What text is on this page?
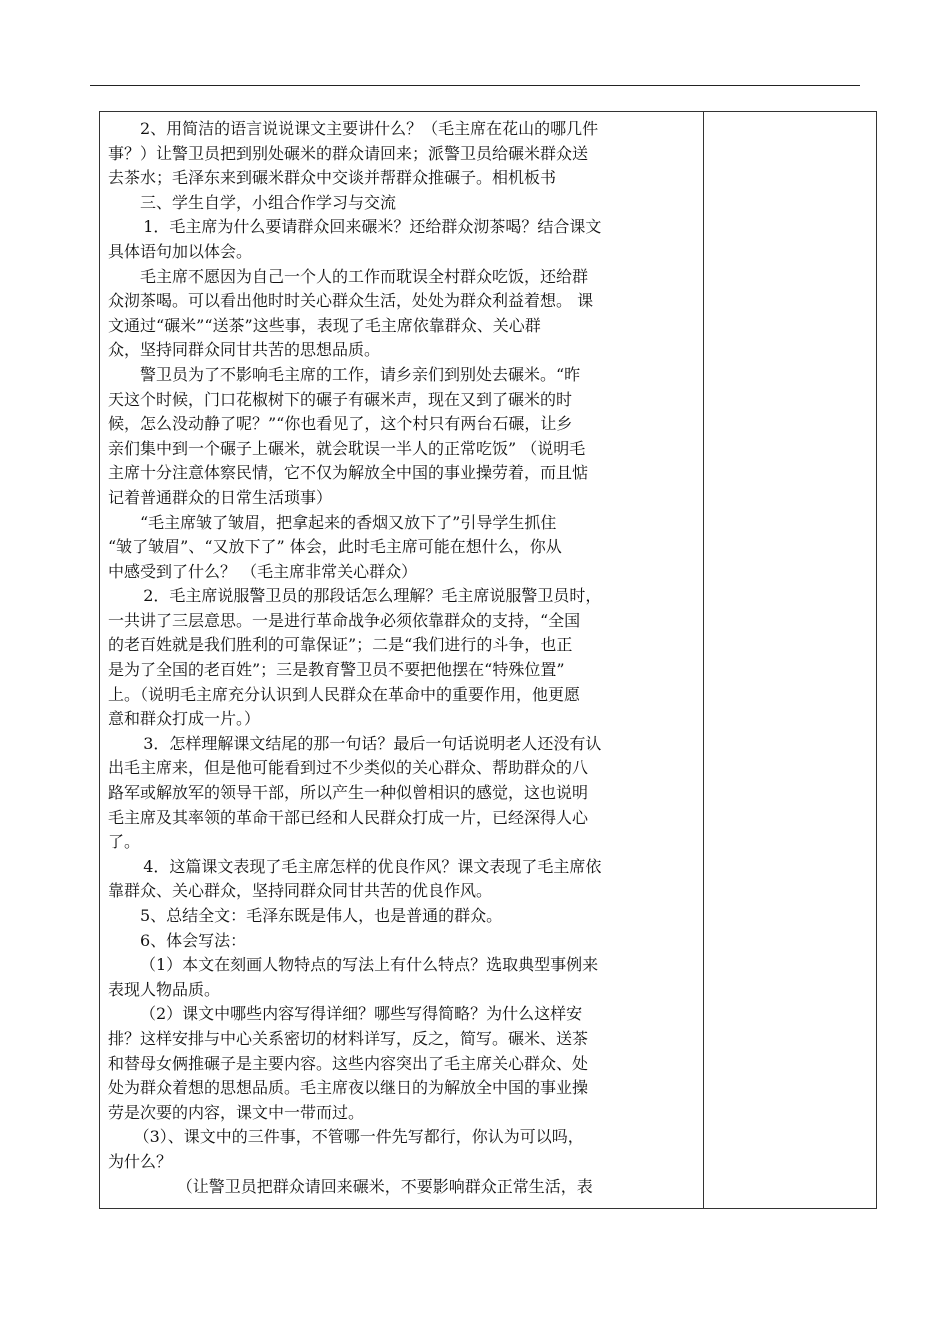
2、用简洁的语言说说课文主要讲什么？（毛主席在花山的哪几件
事？）让警卫员把到别处碾米的群众请回来；派警卫员给碾米群众送
去茶水；毛泽东来到碾米群众中交谈并帮群众推碾子。相机板书

三、学生自学，小组合作学习与交流

1．毛主席为什么要请群众回来碾米？还给群众沏茶喝？结合课文
具体语句加以体会。

毛主席不愿因为自己一个人的工作而耽误全村群众吃饭，还给群
众沏茶喝。可以看出他时时关心群众生活，处处为群众利益着想。 课
文通过“碾米”“送茶”这些事，表现了毛主席依靠群众、关心群
众，坚持同群众同甘共苦的思想品质。

警卫员为了不影响毛主席的工作，请乡亲们到别处去碾米。“昨
天这个时候，门口花椒树下的碾子有碾米声，现在又到了碾米的时
候，怎么没动静了呢？”“你也看见了，这个村只有两台石碾，让乡
亲们集中到一个碾子上碾米，就会耽误一半人的正常吃饭” （说明毛
主席十分注意体察民情，它不仅为解放全中国的事业操劳着，而且惦
记着普通群众的日常生活琐事）

“毛主席皱了皱眉，把拿起来的香烟又放下了”引导学生抓住
“皱了皱眉”、“又放下了” 体会，此时毛主席可能在想什么，你从
中感受到了什么？ （毛主席非常关心群众）

2．毛主席说服警卫员的那段话怎么理解？毛主席说服警卫员时，
一共讲了三层意思。一是进行革命战争必须依靠群众的支持，“全国
的老百姓就是我们胜利的可靠保证”；二是“我们进行的斗争，也正
是为了全国的老百姓”；三是教育警卫员不要把他摆在“特殊位置”
上。（说明毛主席充分认识到人民群众在革命中的重要作用，他更愿
意和群众打成一片。）

3．怎样理解课文结尾的那一句话？最后一句话说明老人还没有认
出毛主席来，但是他可能看到过不少类似的关心群众、帮助群众的八
路军或解放军的领导干部，所以产生一种似曾相识的感觉，这也说明
毛主席及其率领的革命干部已经和人民群众打成一片，已经深得人心
了。

4．这篇课文表现了毛主席怎样的优良作风？课文表现了毛主席依
靠群众、关心群众，坚持同群众同甘共苦的优良作风。

5、总结全文：毛泽东既是伟人，也是普通的群众。

6、体会写法：

（1）本文在刻画人物特点的写法上有什么特点？选取典型事例来
表现人物品质。

（2）课文中哪些内容写得详细？哪些写得简略？为什么这样安
排？这样安排与中心关系密切的材料详写，反之，简写。碾米、送茶
和替母女俩推碾子是主要内容。这些内容突出了毛主席关心群众、处
处为群众着想的思想品质。毛主席夜以继日的为解放全中国的事业操
劳是次要的内容，课文中一带而过。

（3）、课文中的三件事，不管哪一件先写都行，你认为可以吗，
为什么？

（让警卫员把群众请回来碾米，不要影响群众正常生活，表
